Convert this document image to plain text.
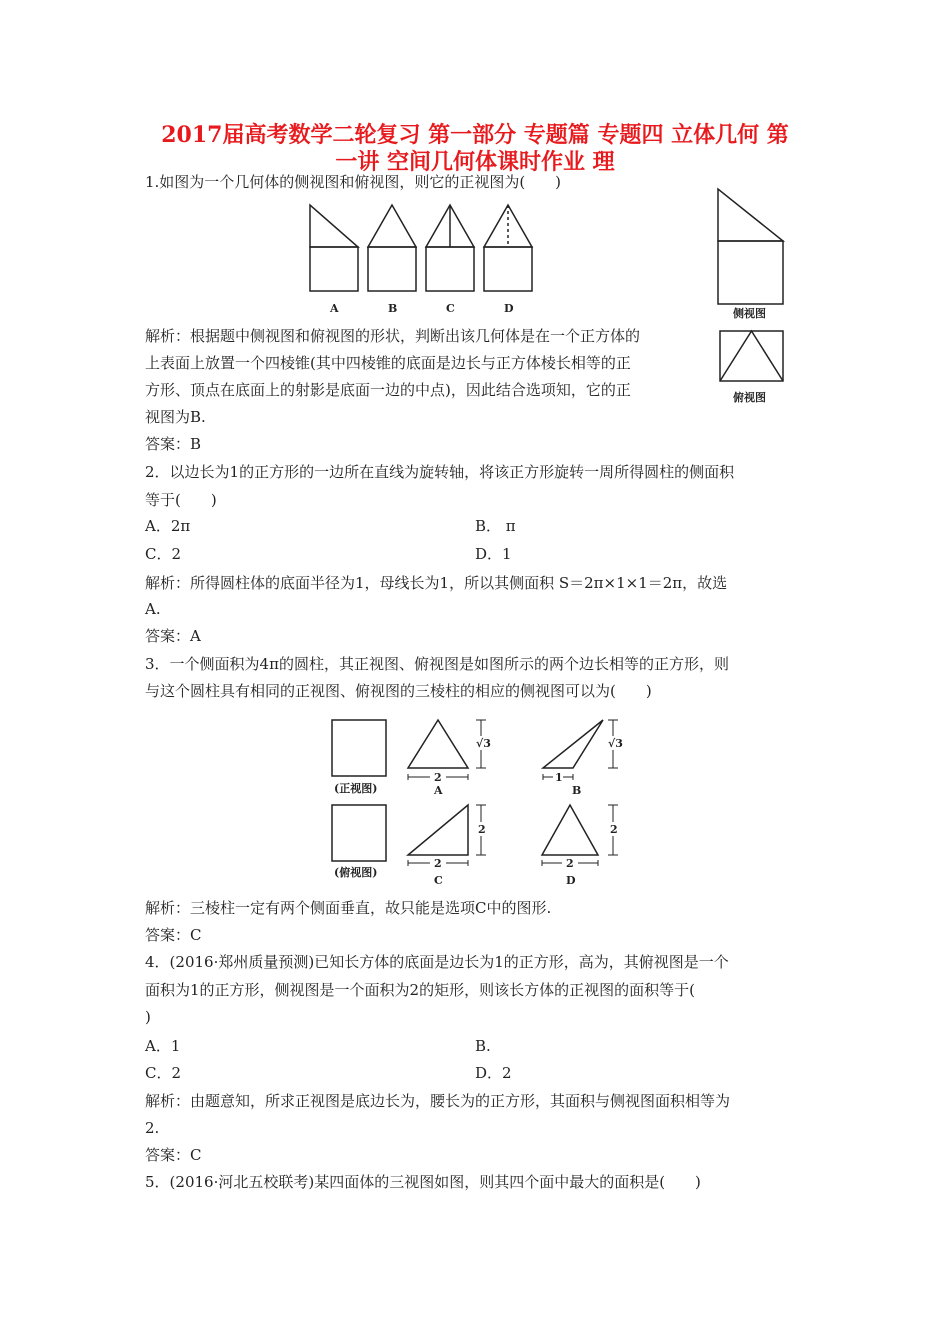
2017届高考数学二轮复习 第一部分 专题篇 专题四 立体几何 第
一讲 空间几何体课时作业 理
1.如图为一个几何体的侧视图和俯视图，则它的正视图为(　　)
A	B	C	D	侧视图
俯视图
解析：根据题中侧视图和俯视图的形状，判断出该几何体是在一个正方体的
上表面上放置一个四棱锥(其中四棱锥的底面是边长与正方体棱长相等的正
方形、顶点在底面上的射影是底面一边的中点)，因此结合选项知，它的正
视图为B.
答案：B
2．以边长为1的正方形的一边所在直线为旋转轴，将该正方形旋转一周所得圆柱的侧面积
等于(　　)
A．2π	B． π
C．2	D．1
解析：所得圆柱体的底面半径为1，母线长为1，所以其侧面积 S＝2π×1×1＝2π，故选
A.
答案：A
3．一个侧面积为4π的圆柱，其正视图、俯视图是如图所示的两个边长相等的正方形，则
与这个圆柱具有相同的正视图、俯视图的三棱柱的相应的侧视图可以为(　　)
2
√3
1
√3
2
2
2
2
(正视图)
(俯视图)
A	B
C	D
解析：三棱柱一定有两个侧面垂直，故只能是选项C中的图形.
答案：C
4．(2016·郑州质量预测)已知长方体的底面是边长为1的正方形，高为，其俯视图是一个
面积为1的正方形，侧视图是一个面积为2的矩形，则该长方体的正视图的面积等于(
)
A．1	B.
C．2	D．2
解析：由题意知，所求正视图是底边长为，腰长为的正方形，其面积与侧视图面积相等为
2.
答案：C
5．(2016·河北五校联考)某四面体的三视图如图，则其四个面中最大的面积是(　　)
